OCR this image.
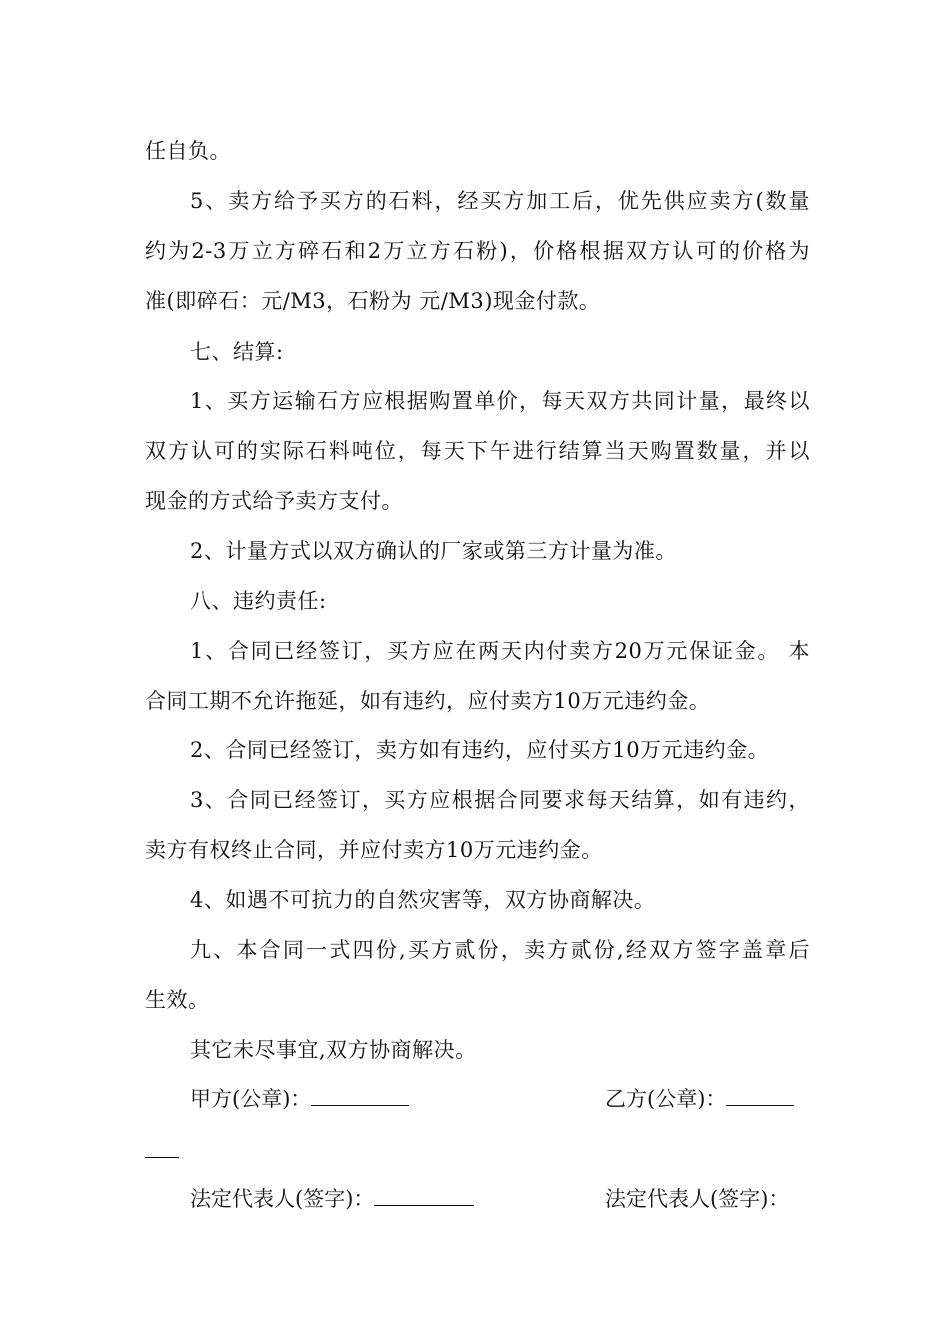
任自负。
5、卖方给予买方的石料，经买方加工后，优先供应卖方(数量
约为2-3万立方碎石和2万立方石粉)，价格根据双方认可的价格为
准(即碎石：元/M3，石粉为 元/M3)现金付款。
七、结算:
1、买方运输石方应根据购置单价，每天双方共同计量，最终以
双方认可的实际石料吨位，每天下午进行结算当天购置数量，并以
现金的方式给予卖方支付。
2、计量方式以双方确认的厂家或第三方计量为准。
八、违约责任:
1、合同已经签订，买方应在两天内付卖方20万元保证金。 本
合同工期不允许拖延，如有违约，应付卖方10万元违约金。
2、合同已经签订，卖方如有违约，应付买方10万元违约金。
3、合同已经签订，买方应根据合同要求每天结算，如有违约，
卖方有权终止合同，并应付卖方10万元违约金。
4、如遇不可抗力的自然灾害等，双方协商解决。
九、本合同一式四份,买方贰份，卖方贰份,经双方签字盖章后
生效。
其它未尽事宜,双方协商解决。
甲方(公章)：	乙方(公章)：
法定代表人(签字)：	法定代表人(签字)：
